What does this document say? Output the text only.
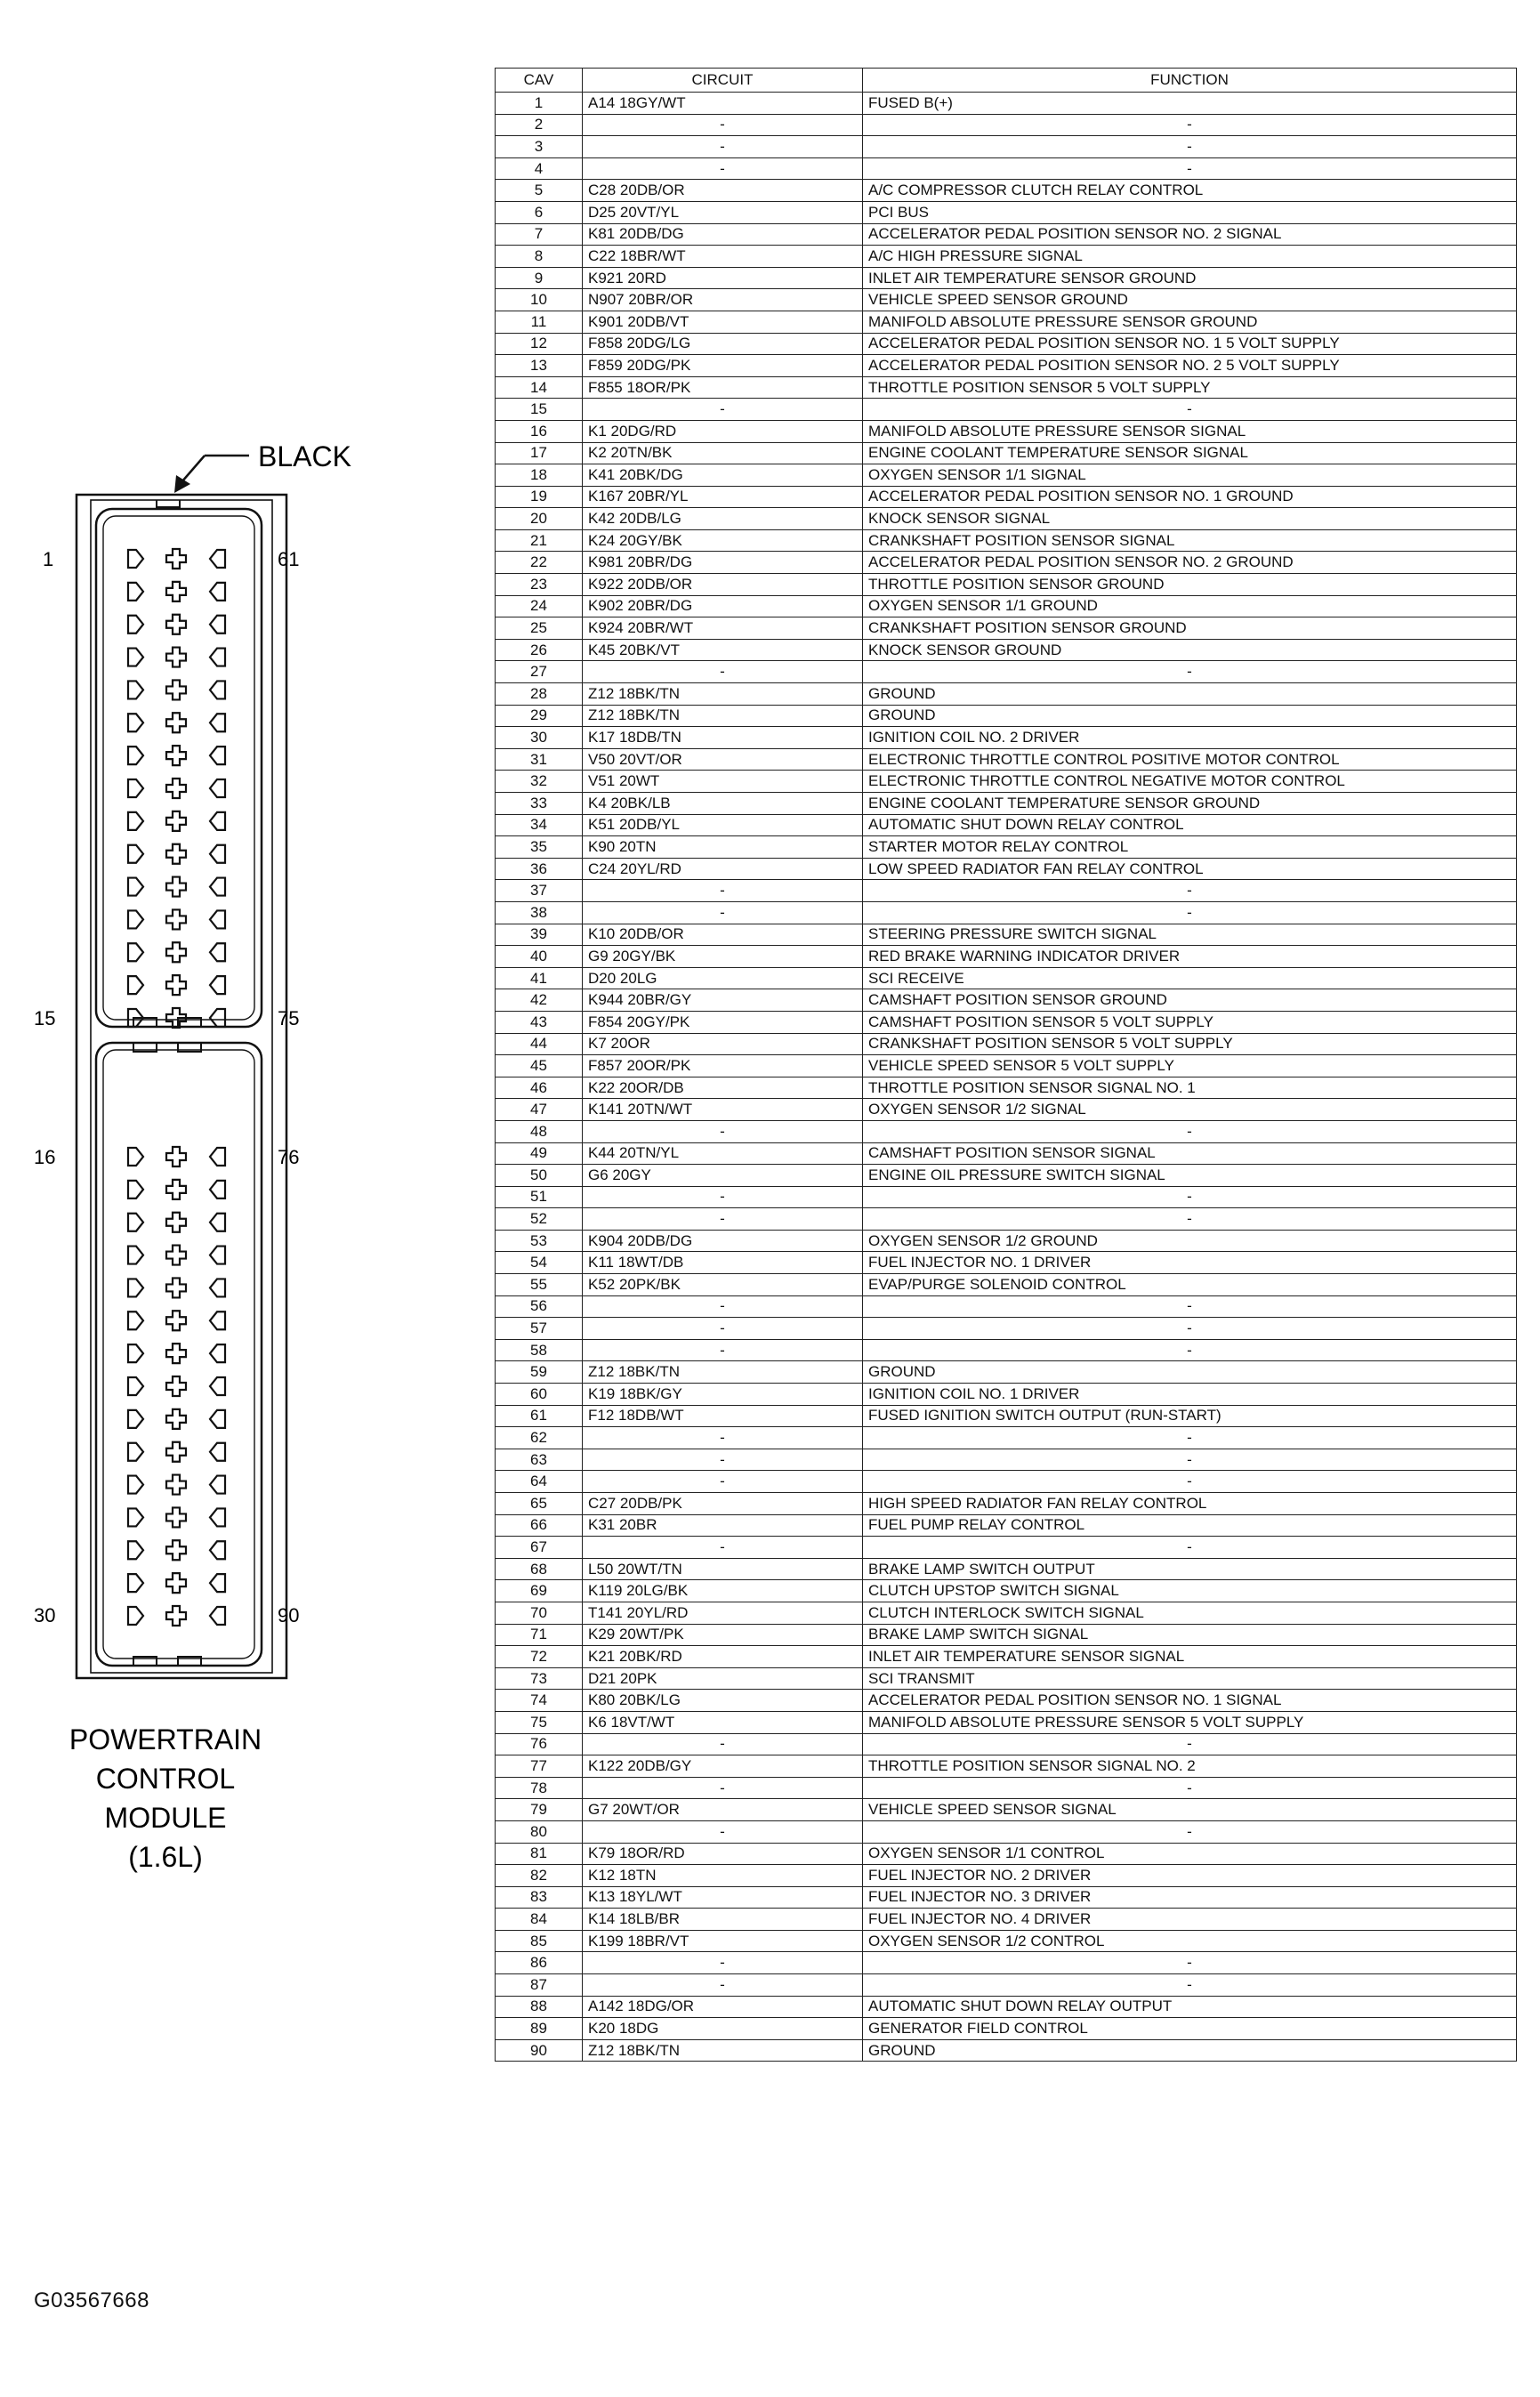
BLACK
1	61
15	75
16	76
30	90
POWERTRAIN
CONTROL
MODULE
(1.6L)
CAV	CIRCUIT	FUNCTION
1	A14 18GY/WT	FUSED B(+)
2	-	-
3	-	-
4	-	-
5	C28 20DB/OR	A/C COMPRESSOR CLUTCH RELAY CONTROL
6	D25 20VT/YL	PCI BUS
7	K81 20DB/DG	ACCELERATOR PEDAL POSITION SENSOR NO. 2 SIGNAL
8	C22 18BR/WT	A/C HIGH PRESSURE SIGNAL
9	K921 20RD	INLET AIR TEMPERATURE SENSOR GROUND
10	N907 20BR/OR	VEHICLE SPEED SENSOR GROUND
11	K901 20DB/VT	MANIFOLD ABSOLUTE PRESSURE SENSOR GROUND
12	F858 20DG/LG	ACCELERATOR PEDAL POSITION SENSOR NO. 1 5 VOLT SUPPLY
13	F859 20DG/PK	ACCELERATOR PEDAL POSITION SENSOR NO. 2 5 VOLT SUPPLY
14	F855 18OR/PK	THROTTLE POSITION SENSOR 5 VOLT SUPPLY
15	-	-
16	K1 20DG/RD	MANIFOLD ABSOLUTE PRESSURE SENSOR SIGNAL
17	K2 20TN/BK	ENGINE COOLANT TEMPERATURE SENSOR SIGNAL
18	K41 20BK/DG	OXYGEN SENSOR 1/1 SIGNAL
19	K167 20BR/YL	ACCELERATOR PEDAL POSITION SENSOR NO. 1 GROUND
20	K42 20DB/LG	KNOCK SENSOR SIGNAL
21	K24 20GY/BK	CRANKSHAFT POSITION SENSOR SIGNAL
22	K981 20BR/DG	ACCELERATOR PEDAL POSITION SENSOR NO. 2 GROUND
23	K922 20DB/OR	THROTTLE POSITION SENSOR GROUND
24	K902 20BR/DG	OXYGEN SENSOR 1/1 GROUND
25	K924 20BR/WT	CRANKSHAFT POSITION SENSOR GROUND
26	K45 20BK/VT	KNOCK SENSOR GROUND
27	-	-
28	Z12 18BK/TN	GROUND
29	Z12 18BK/TN	GROUND
30	K17 18DB/TN	IGNITION COIL NO. 2 DRIVER
31	V50 20VT/OR	ELECTRONIC THROTTLE CONTROL POSITIVE MOTOR CONTROL
32	V51 20WT	ELECTRONIC THROTTLE CONTROL NEGATIVE MOTOR CONTROL
33	K4 20BK/LB	ENGINE COOLANT TEMPERATURE SENSOR GROUND
34	K51 20DB/YL	AUTOMATIC SHUT DOWN RELAY CONTROL
35	K90 20TN	STARTER MOTOR RELAY CONTROL
36	C24 20YL/RD	LOW SPEED RADIATOR FAN RELAY CONTROL
37	-	-
38	-	-
39	K10 20DB/OR	STEERING PRESSURE SWITCH SIGNAL
40	G9 20GY/BK	RED BRAKE WARNING INDICATOR DRIVER
41	D20 20LG	SCI RECEIVE
42	K944 20BR/GY	CAMSHAFT POSITION SENSOR GROUND
43	F854 20GY/PK	CAMSHAFT POSITION SENSOR 5 VOLT SUPPLY
44	K7 20OR	CRANKSHAFT POSITION SENSOR 5 VOLT SUPPLY
45	F857 20OR/PK	VEHICLE SPEED SENSOR 5 VOLT SUPPLY
46	K22 20OR/DB	THROTTLE POSITION SENSOR SIGNAL NO. 1
47	K141 20TN/WT	OXYGEN SENSOR 1/2 SIGNAL
48	-	-
49	K44 20TN/YL	CAMSHAFT POSITION SENSOR SIGNAL
50	G6 20GY	ENGINE OIL PRESSURE SWITCH SIGNAL
51	-	-
52	-	-
53	K904 20DB/DG	OXYGEN SENSOR 1/2 GROUND
54	K11 18WT/DB	FUEL INJECTOR NO. 1 DRIVER
55	K52 20PK/BK	EVAP/PURGE SOLENOID CONTROL
56	-	-
57	-	-
58	-	-
59	Z12 18BK/TN	GROUND
60	K19 18BK/GY	IGNITION COIL NO. 1 DRIVER
61	F12 18DB/WT	FUSED IGNITION SWITCH OUTPUT (RUN-START)
62	-	-
63	-	-
64	-	-
65	C27 20DB/PK	HIGH SPEED RADIATOR FAN RELAY CONTROL
66	K31 20BR	FUEL PUMP RELAY CONTROL
67	-	-
68	L50 20WT/TN	BRAKE LAMP SWITCH OUTPUT
69	K119 20LG/BK	CLUTCH UPSTOP SWITCH SIGNAL
70	T141 20YL/RD	CLUTCH INTERLOCK SWITCH SIGNAL
71	K29 20WT/PK	BRAKE LAMP SWITCH SIGNAL
72	K21 20BK/RD	INLET AIR TEMPERATURE SENSOR SIGNAL
73	D21 20PK	SCI TRANSMIT
74	K80 20BK/LG	ACCELERATOR PEDAL POSITION SENSOR NO. 1 SIGNAL
75	K6 18VT/WT	MANIFOLD ABSOLUTE PRESSURE SENSOR 5 VOLT SUPPLY
76	-	-
77	K122 20DB/GY	THROTTLE POSITION SENSOR SIGNAL NO. 2
78	-	-
79	G7 20WT/OR	VEHICLE SPEED SENSOR SIGNAL
80	-	-
81	K79 18OR/RD	OXYGEN SENSOR 1/1 CONTROL
82	K12 18TN	FUEL INJECTOR NO. 2 DRIVER
83	K13 18YL/WT	FUEL INJECTOR NO. 3 DRIVER
84	K14 18LB/BR	FUEL INJECTOR NO. 4 DRIVER
85	K199 18BR/VT	OXYGEN SENSOR 1/2 CONTROL
86	-	-
87	-	-
88	A142 18DG/OR	AUTOMATIC SHUT DOWN RELAY OUTPUT
89	K20 18DG	GENERATOR FIELD CONTROL
90	Z12 18BK/TN	GROUND
G03567668
